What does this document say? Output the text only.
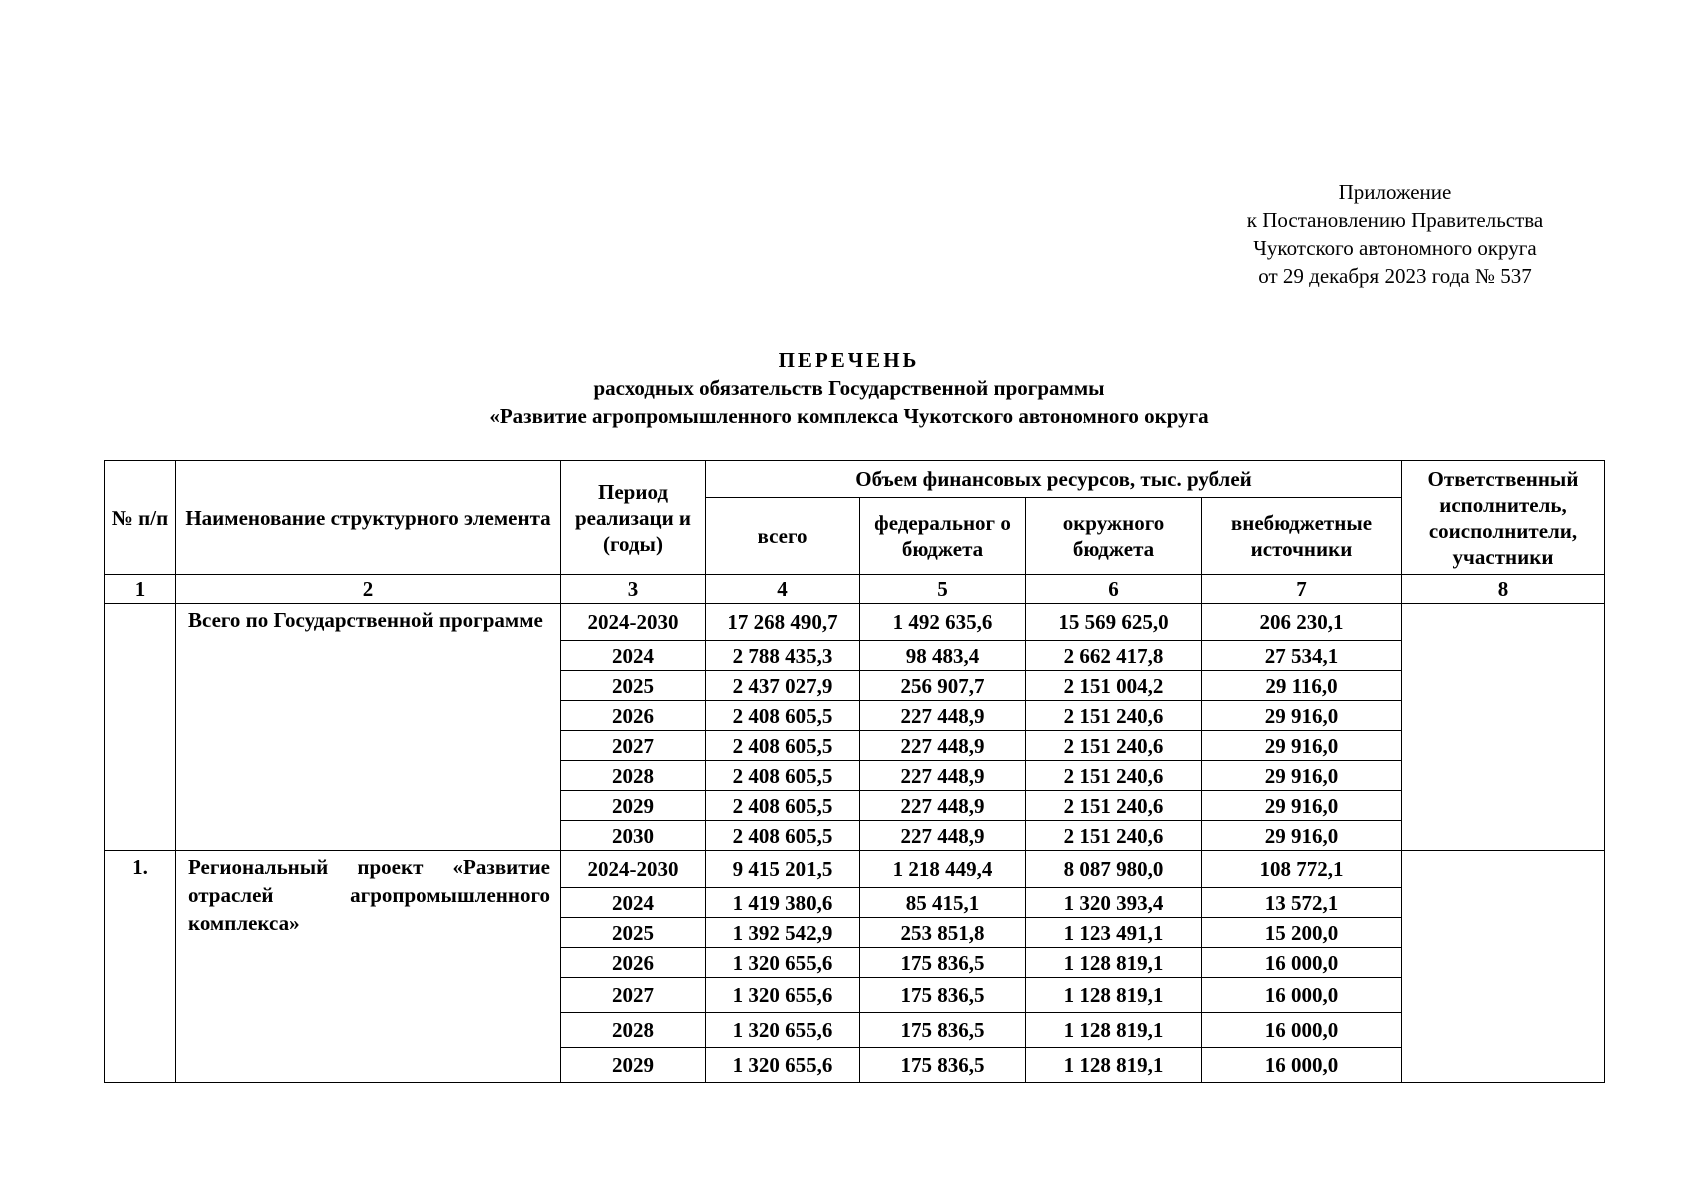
Приложение
к Постановлению Правительства
Чукотского автономного округа
от 29 декабря 2023 года № 537
ПЕРЕЧЕНЬ
расходных обязательств Государственной программы
«Развитие агропромышленного комплекса Чукотского автономного округа
№ п/п	Наименование структурного элемента	Период реализаци и (годы)	Объем финансовых ресурсов, тыс. рублей				Ответственный исполнитель, соисполнители, участники
			всего	федеральног о бюджета	окружного бюджета	внебюджетные источники	
1	2	3	4	5	6	7	8
	Всего по Государственной программе	2024-2030	17 268 490,7	1 492 635,6	15 569 625,0	206 230,1	
		2024	2 788 435,3	98 483,4	2 662 417,8	27 534,1	
		2025	2 437 027,9	256 907,7	2 151 004,2	29 116,0	
		2026	2 408 605,5	227 448,9	2 151 240,6	29 916,0	
		2027	2 408 605,5	227 448,9	2 151 240,6	29 916,0	
		2028	2 408 605,5	227 448,9	2 151 240,6	29 916,0	
		2029	2 408 605,5	227 448,9	2 151 240,6	29 916,0	
		2030	2 408 605,5	227 448,9	2 151 240,6	29 916,0	
1.	Региональный проект «Развитие отраслей агропромышленного комплекса»	2024-2030	9 415 201,5	1 218 449,4	8 087 980,0	108 772,1	
		2024	1 419 380,6	85 415,1	1 320 393,4	13 572,1	
		2025	1 392 542,9	253 851,8	1 123 491,1	15 200,0	
		2026	1 320 655,6	175 836,5	1 128 819,1	16 000,0	
		2027	1 320 655,6	175 836,5	1 128 819,1	16 000,0	
		2028	1 320 655,6	175 836,5	1 128 819,1	16 000,0	
		2029	1 320 655,6	175 836,5	1 128 819,1	16 000,0	
